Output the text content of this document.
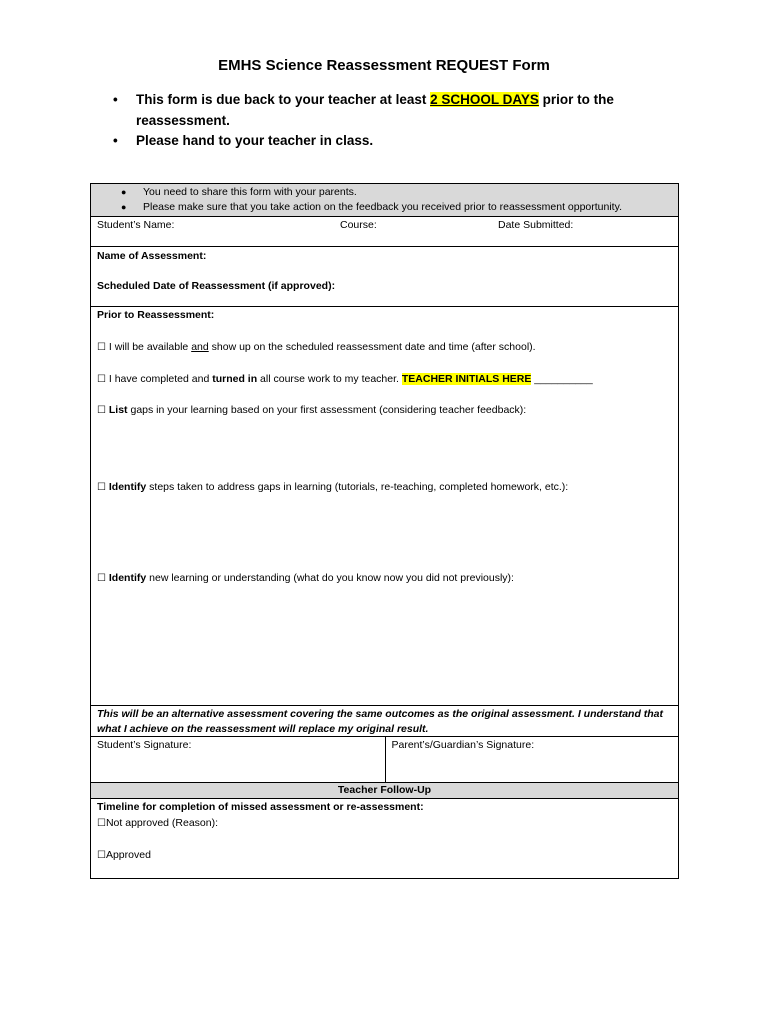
EMHS Science Reassessment REQUEST Form
•	This form is due back to your teacher at least 2 SCHOOL DAYS prior to the reassessment.
•	Please hand to your teacher in class.
●	You need to share this form with your parents.
●	Please make sure that you take action on the feedback you received prior to reassessment opportunity.
Student’s Name:	Course:	Date Submitted:
Name of Assessment:
Scheduled Date of Reassessment (if approved):
Prior to Reassessment:
☐ I will be available and show up on the scheduled reassessment date and time (after school).
☐ I have completed and turned in all course work to my teacher. TEACHER INITIALS HERE __________
☐ List gaps in your learning based on your first assessment (considering teacher feedback):
☐ Identify steps taken to address gaps in learning (tutorials, re-teaching, completed homework, etc.):
☐ Identify new learning or understanding (what do you know now you did not previously):
This will be an alternative assessment covering the same outcomes as the original assessment. I understand that what I achieve on the reassessment will replace my original result.
Student’s Signature:	Parent’s/Guardian’s Signature:
Teacher Follow-Up
Timeline for completion of missed assessment or re-assessment:
☐Not approved (Reason):
☐Approved
